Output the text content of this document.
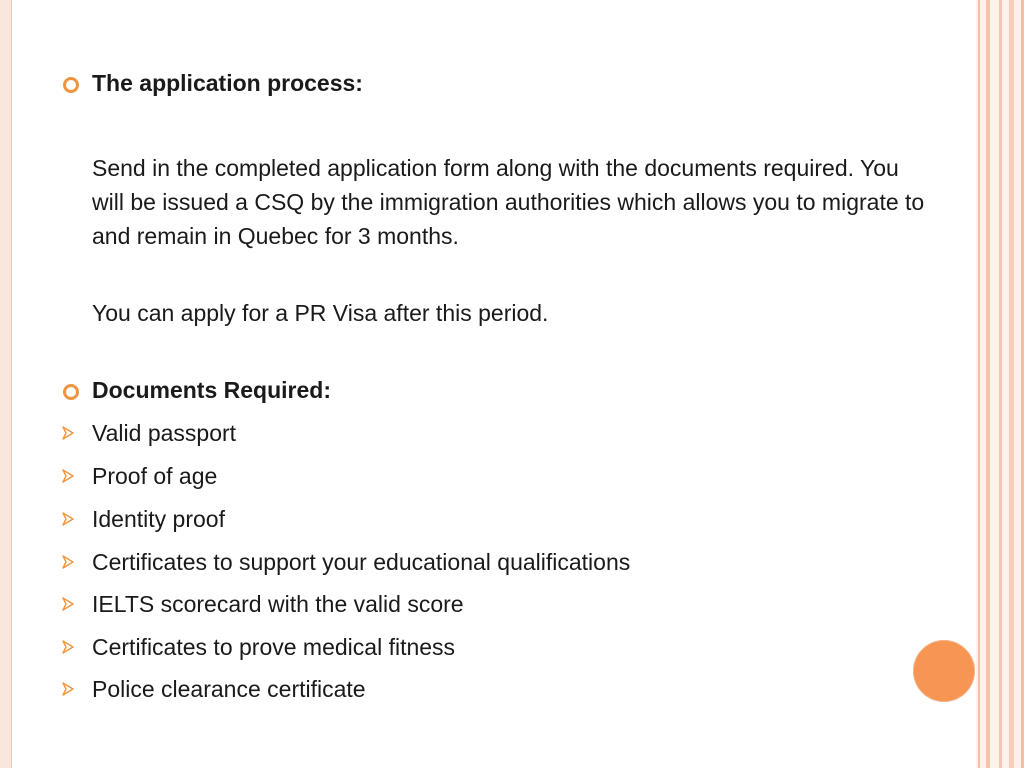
The application process:
Send in the completed application form along with the documents required. You will be issued a CSQ by the immigration authorities which allows you to migrate to and remain in Quebec for 3 months.
You can apply for a PR Visa after this period.
Documents Required:
Valid passport
Proof of age
Identity proof
Certificates to support your educational qualifications
IELTS scorecard with the valid score
Certificates to prove medical fitness
Police clearance certificate
